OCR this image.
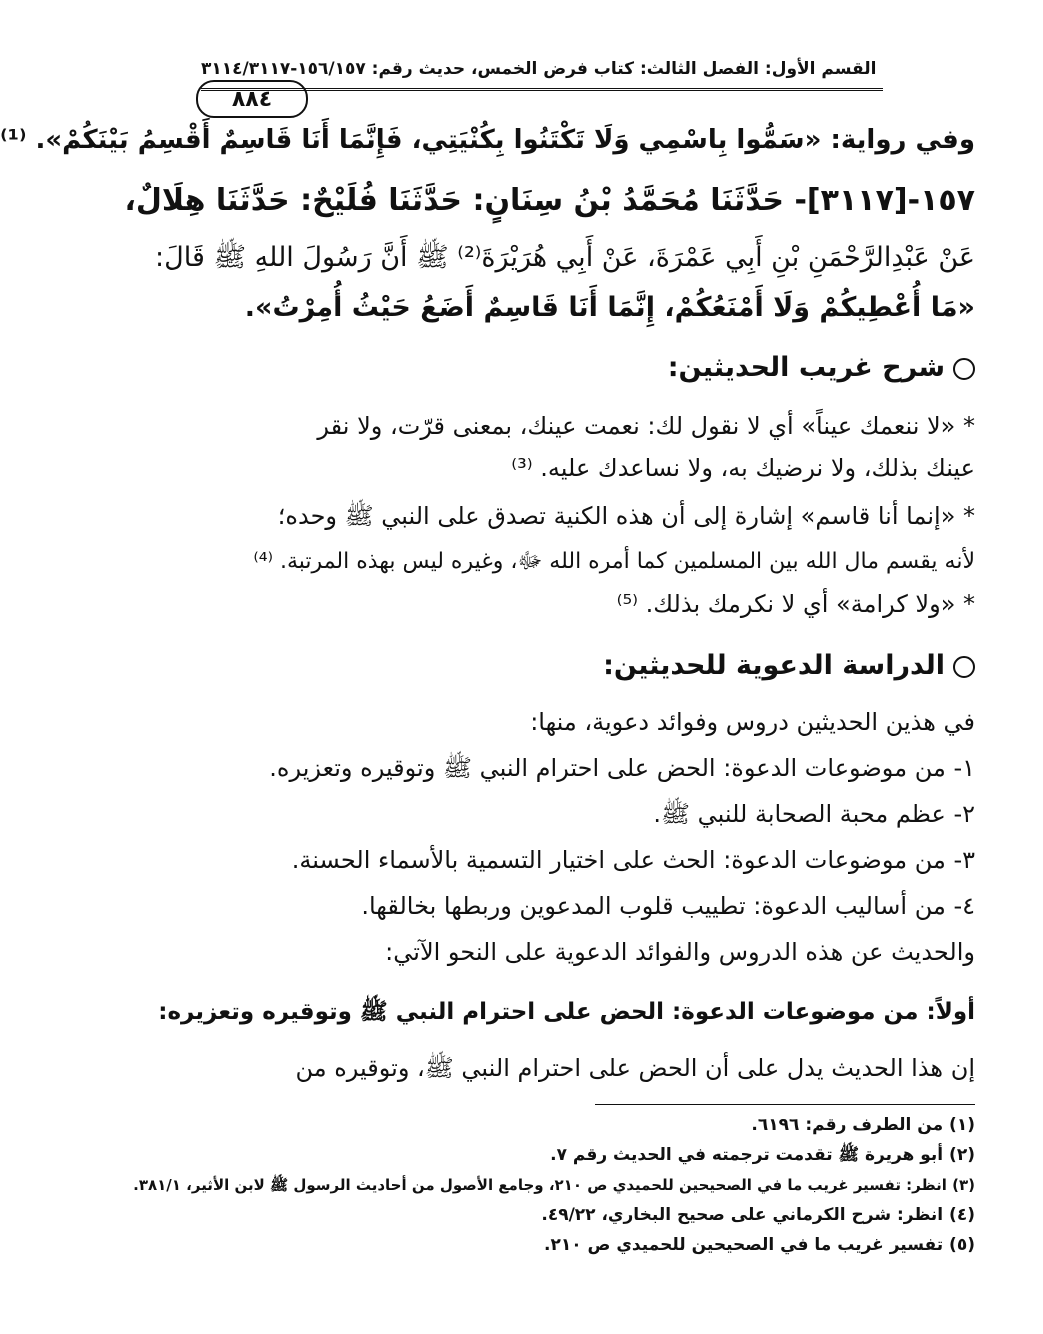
القسم الأول: الفصل الثالث: كتاب فرض الخمس، حديث رقم: ١٥٦/١٥٧-٣١١٤/٣١١٧
٨٨٤
وفي رواية: «سَمُّوا بِاسْمِي وَلَا تَكْتَنُوا بِكُنْيَتِي، فَإِنَّمَا أَنَا قَاسِمٌ أَقْسِمُ بَيْنَكُمْ». ⁽¹⁾
١٥٧-[٣١١٧]- حَدَّثَنَا مُحَمَّدُ بْنُ سِنَانٍ: حَدَّثَنَا فُلَيْحٌ: حَدَّثَنَا هِلَالٌ،
عَنْ عَبْدِالرَّحْمَنِ بْنِ أَبِي عَمْرَةَ، عَنْ أَبِي هُرَيْرَةَ⁽²⁾ ﷺ أَنَّ رَسُولَ اللهِ ﷺ قَالَ:
«مَا أُعْطِيكُمْ وَلَا أَمْنَعُكُمْ، إِنَّمَا أَنَا قَاسِمٌ أَضَعُ حَيْثُ أُمِرْتُ».
شرح غريب الحديثين:
* «لا ننعمك عيناً» أي لا نقول لك: نعمت عينك، بمعنى قرّت، ولا نقر
عينك بذلك، ولا نرضيك به، ولا نساعدك عليه. ⁽³⁾
* «إنما أنا قاسم» إشارة إلى أن هذه الكنية تصدق على النبي ﷺ وحده؛
لأنه يقسم مال الله بين المسلمين كما أمره الله ﷻ، وغيره ليس بهذه المرتبة. ⁽⁴⁾
* «ولا كرامة» أي لا نكرمك بذلك. ⁽⁵⁾
الدراسة الدعوية للحديثين:
في هذين الحديثين دروس وفوائد دعوية، منها:
١- من موضوعات الدعوة: الحض على احترام النبي ﷺ وتوقيره وتعزيره.
٢- عظم محبة الصحابة للنبي ﷺ.
٣- من موضوعات الدعوة: الحث على اختيار التسمية بالأسماء الحسنة.
٤- من أساليب الدعوة: تطييب قلوب المدعوين وربطها بخالقها.
والحديث عن هذه الدروس والفوائد الدعوية على النحو الآتي:
أولاً: من موضوعات الدعوة: الحض على احترام النبي ﷺ وتوقيره وتعزيره:
إن هذا الحديث يدل على أن الحض على احترام النبي ﷺ، وتوقيره من
(١) من الطرف رقم: ٦١٩٦.
(٢) أبو هريرة ﷺ تقدمت ترجمته في الحديث رقم ٧.
(٣) انظر: تفسير غريب ما في الصحيحين للحميدي ص ٢١٠، وجامع الأصول من أحاديث الرسول ﷺ لابن الأثير، ٣٨١/١.
(٤) انظر: شرح الكرماني على صحيح البخاري، ٤٩/٢٢.
(٥) تفسير غريب ما في الصحيحين للحميدي ص ٢١٠.
